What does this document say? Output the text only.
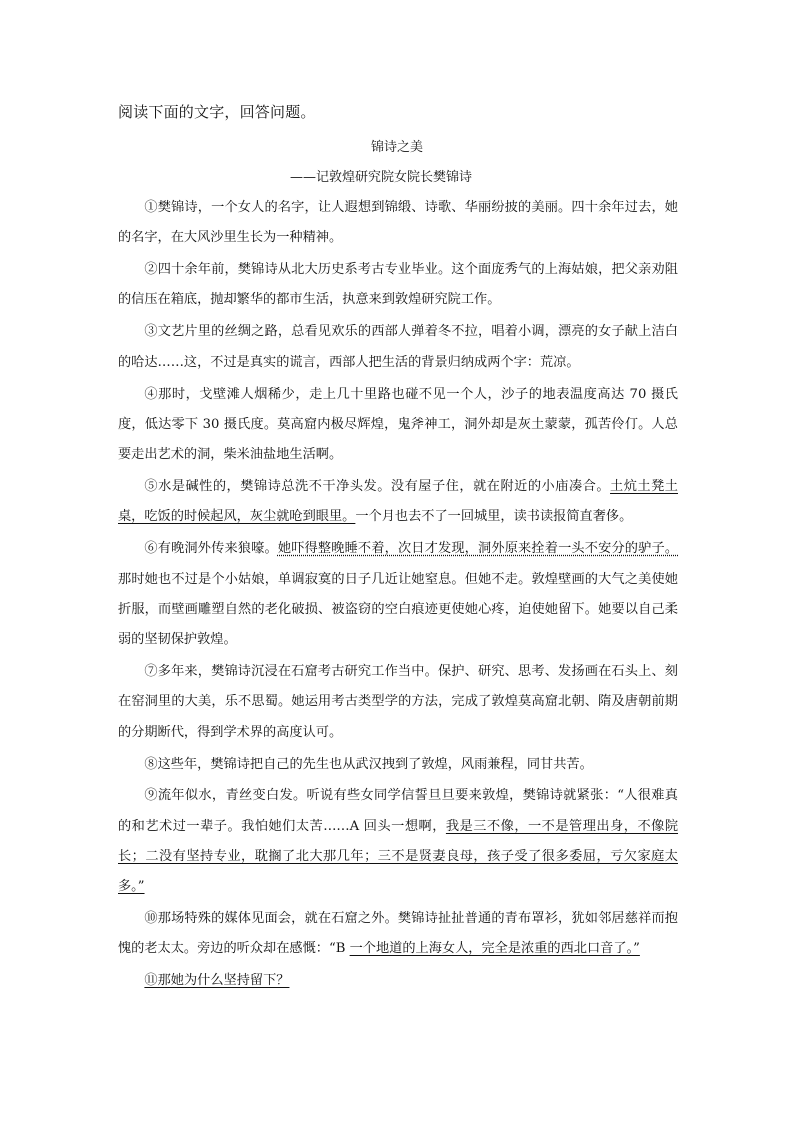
阅读下面的文字，回答问题。
锦诗之美
——记敦煌研究院女院长樊锦诗

①樊锦诗，一个女人的名字，让人遐想到锦缎、诗歌、华丽纷披的美丽。四十余年过去，她的名字，在大风沙里生长为一种精神。

②四十余年前，樊锦诗从北大历史系考古专业毕业。这个面庞秀气的上海姑娘，把父亲劝阻的信压在箱底，抛却繁华的都市生活，执意来到敦煌研究院工作。

③文艺片里的丝绸之路，总看见欢乐的西部人弹着冬不拉，唱着小调，漂亮的女子献上洁白的哈达……这，不过是真实的谎言，西部人把生活的背景归纳成两个字：荒凉。

④那时，戈壁滩人烟稀少，走上几十里路也碰不见一个人，沙子的地表温度高达 70 摄氏度，低达零下 30 摄氏度。莫高窟内极尽辉煌，鬼斧神工，洞外却是灰土蒙蒙，孤苦伶仃。人总要走出艺术的洞，柴米油盐地生活啊。

⑤水是碱性的，樊锦诗总洗不干净头发。没有屋子住，就在附近的小庙凑合。土炕土凳土桌，吃饭的时候起风，灰尘就呛到眼里。一个月也去不了一回城里，读书读报简直奢侈。

⑥有晚洞外传来狼嚎。她吓得整晚睡不着，次日才发现，洞外原来拴着一头不安分的驴子。那时她也不过是个小姑娘，单调寂寞的日子几近让她窒息。但她不走。敦煌壁画的大气之美使她折服，而壁画雕塑自然的老化破损、被盗窃的空白痕迹更使她心疼，迫使她留下。她要以自己柔弱的坚韧保护敦煌。

⑦多年来，樊锦诗沉浸在石窟考古研究工作当中。保护、研究、思考、发扬画在石头上、刻在窑洞里的大美，乐不思蜀。她运用考古类型学的方法，完成了敦煌莫高窟北朝、隋及唐朝前期的分期断代，得到学术界的高度认可。

⑧这些年，樊锦诗把自己的先生也从武汉拽到了敦煌，风雨兼程，同甘共苦。

⑨流年似水，青丝变白发。听说有些女同学信誓旦旦要来敦煌，樊锦诗就紧张：“人很难真的和艺术过一辈子。我怕她们太苦……A 回头一想啊，我是三不像，一不是管理出身，不像院长；二没有坚持专业，耽搁了北大那几年；三不是贤妻良母，孩子受了很多委屈，亏欠家庭太多。”

⑩那场特殊的媒体见面会，就在石窟之外。樊锦诗扯扯普通的青布罩衫，犹如邻居慈祥而抱愧的老太太。旁边的听众却在感慨：“B 一个地道的上海女人，完全是浓重的西北口音了。”

⑪那她为什么坚持留下？
